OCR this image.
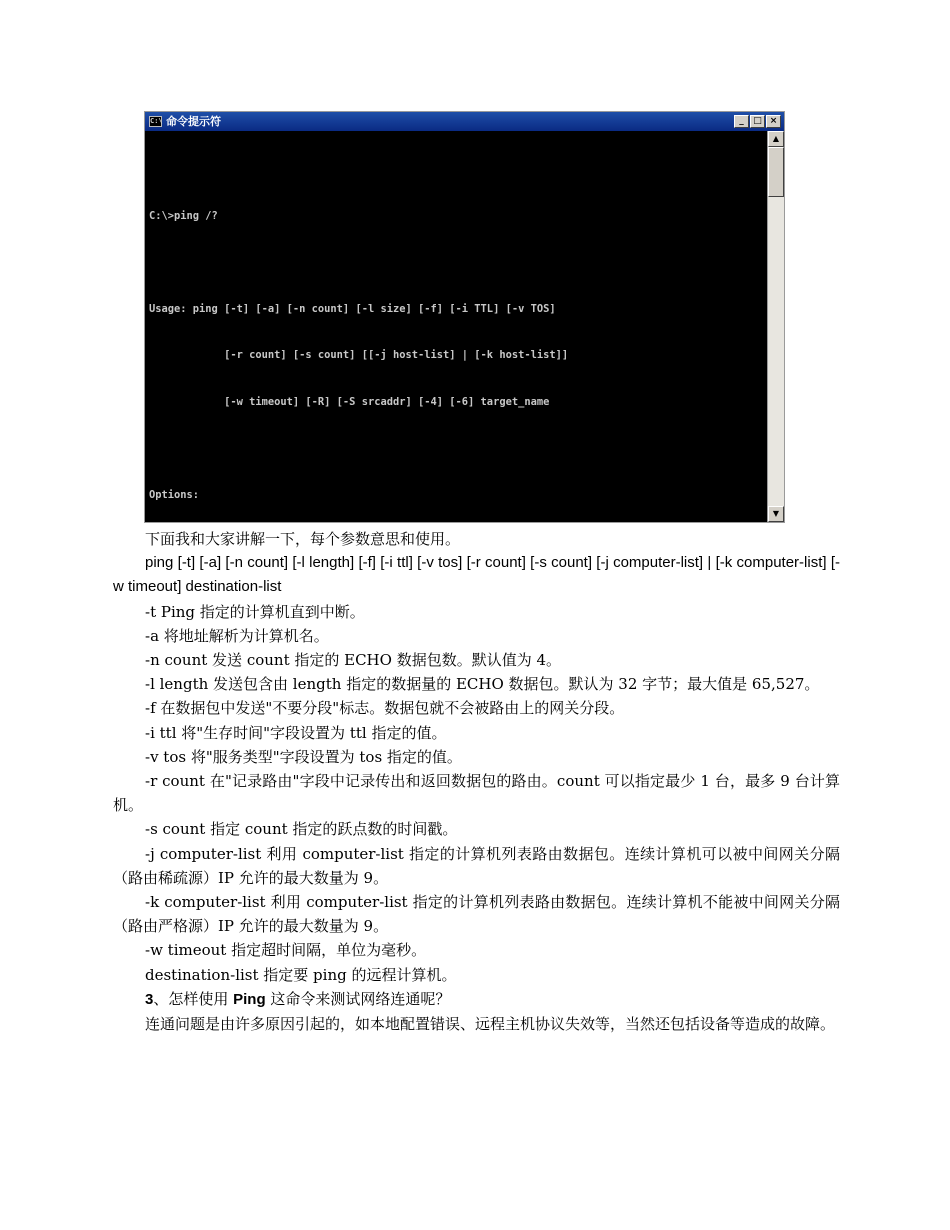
C:\ 命令提示符	_	□ ×

C:\>ping /?

Usage: ping [-t] [-a] [-n count] [-l size] [-f] [-i TTL] [-v TOS]

[-r count] [-s count] [[-j host-list] | [-k host-list]]

[-w timeout] [-R] [-S srcaddr] [-4] [-6] target_name

Options:

▲
▼

下面我和大家讲解一下，每个参数意思和使用。

ping [-t] [-a] [-n count] [-l length] [-f] [-i ttl] [-v tos] [-r count] [-s count] [-j computer-list] | [-k computer-list] [-w timeout] destination-list

-t Ping 指定的计算机直到中断。

-a 将地址解析为计算机名。

-n count 发送 count 指定的 ECHO 数据包数。默认值为 4。

-l length 发送包含由 length 指定的数据量的 ECHO 数据包。默认为 32 字节；最大值是 65,527。

-f 在数据包中发送"不要分段"标志。数据包就不会被路由上的网关分段。

-i ttl 将"生存时间"字段设置为 ttl 指定的值。

-v tos 将"服务类型"字段设置为 tos 指定的值。

-r count 在"记录路由"字段中记录传出和返回数据包的路由。count 可以指定最少 1 台，最多 9 台计算机。

-s count 指定 count 指定的跃点数的时间戳。

-j computer-list 利用 computer-list 指定的计算机列表路由数据包。连续计算机可以被中间网关分隔（路由稀疏源）IP 允许的最大数量为 9。

-k computer-list 利用 computer-list 指定的计算机列表路由数据包。连续计算机不能被中间网关分隔（路由严格源）IP 允许的最大数量为 9。

-w timeout 指定超时间隔，单位为毫秒。

destination-list 指定要 ping 的远程计算机。

3、怎样使用 Ping 这命令来测试网络连通呢？

连通问题是由许多原因引起的，如本地配置错误、远程主机协议失效等，当然还包括设备等造成的故障。
